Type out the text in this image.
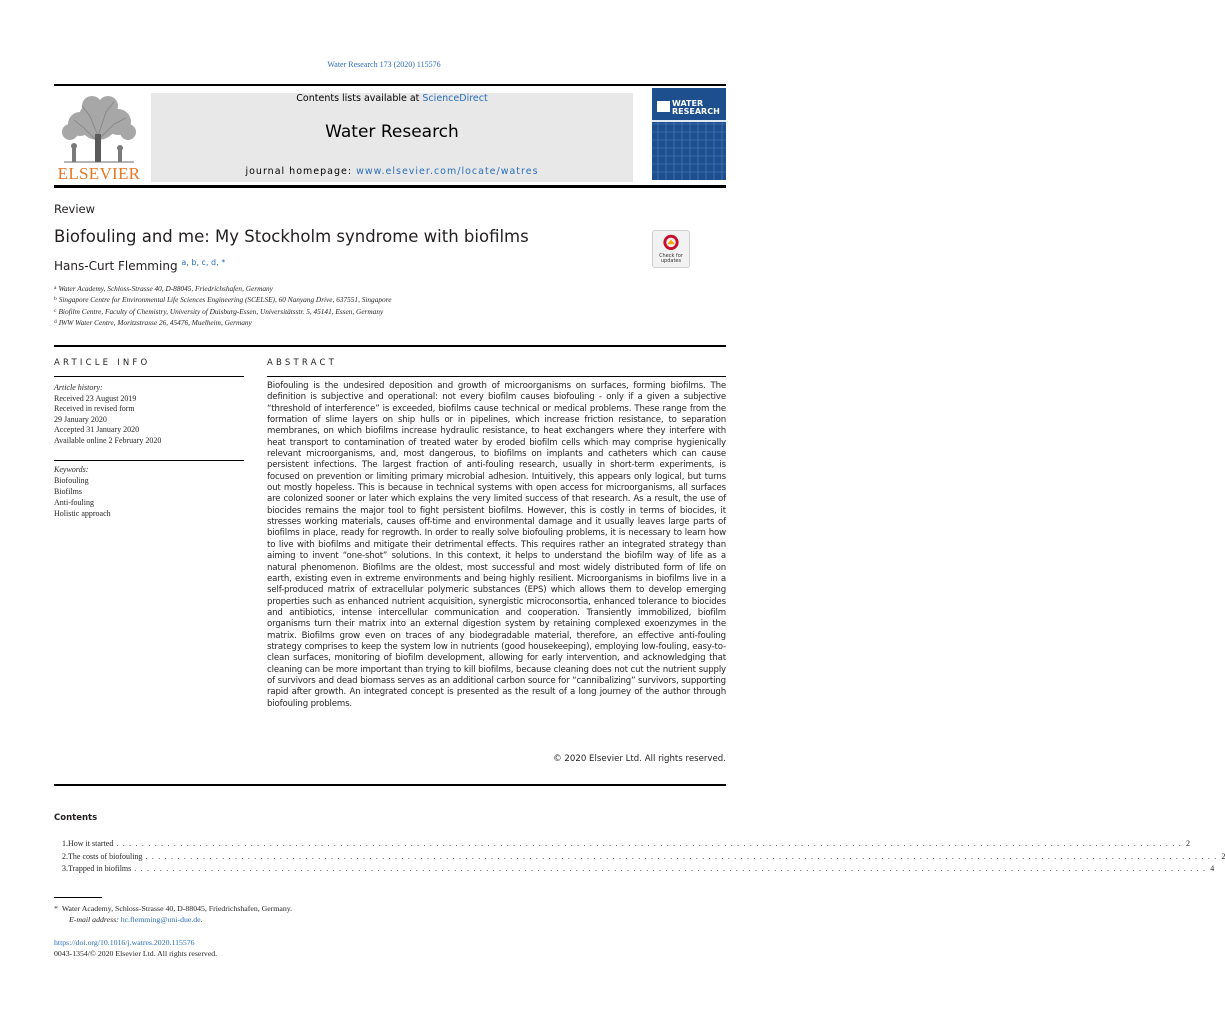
Water Research 173 (2020) 115576
ELSEVIER
Contents lists available at ScienceDirect
Water Research
journal homepage: www.elsevier.com/locate/watres
WATER
RESEARCH
Review
Biofouling and me: My Stockholm syndrome with biofilms
Check for
updates
Hans-Curt Flemming $^{a, b, c, d, *}$
$^a$ Water Academy, Schloss-Strasse 40, D-88045, Friedrichshafen, Germany
$^b$ Singapore Centre for Environmental Life Sciences Engineering (SCELSE), 60 Nanyang Drive, 637551, Singapore
$^c$ Biofilm Centre, Faculty of Chemistry, University of Duisburg-Essen, Universitätsstr. 5, 45141, Essen, Germany
$^d$ IWW Water Centre, Moritzstrasse 26, 45476, Muelheim, Germany
ARTICLE INFO	ABSTRACT
Article history:
Received 23 August 2019
Received in revised form
29 January 2020
Accepted 31 January 2020
Available online 2 February 2020
Keywords:
Biofouling
Biofilms
Anti-fouling
Holistic approach

Biofouling is the undesired deposition and growth of microorganisms on surfaces, forming biofilms. The definition is subjective and operational: not every biofilm causes biofouling - only if a given a subjective “threshold of interference” is exceeded, biofilms cause technical or medical problems. These range from the formation of slime layers on ship hulls or in pipelines, which increase friction resistance, to separation membranes, on which biofilms increase hydraulic resistance, to heat exchangers where they interfere with heat transport to contamination of treated water by eroded biofilm cells which may comprise hygienically relevant microorganisms, and, most dangerous, to biofilms on implants and catheters which can cause persistent infections. The largest fraction of anti-fouling research, usually in short-term experiments, is focused on prevention or limiting primary microbial adhesion. Intuitively, this appears only logical, but turns out mostly hopeless. This is because in technical systems with open access for microorganisms, all surfaces are colonized sooner or later which explains the very limited success of that research. As a result, the use of biocides remains the major tool to fight persistent biofilms. However, this is costly in terms of biocides, it stresses working materials, causes off-time and environmental damage and it usually leaves large parts of biofilms in place, ready for regrowth. In order to really solve biofouling problems, it is necessary to learn how to live with biofilms and mitigate their detrimental effects. This requires rather an integrated strategy than aiming to invent “one-shot” solutions. In this context, it helps to understand the biofilm way of life as a natural phenomenon. Biofilms are the oldest, most successful and most widely distributed form of life on earth, existing even in extreme environments and being highly resilient. Microorganisms in biofilms live in a self-produced matrix of extracellular polymeric substances (EPS) which allows them to develop emerging properties such as enhanced nutrient acquisition, synergistic microconsortia, enhanced tolerance to biocides and antibiotics, intense intercellular communication and cooperation. Transiently immobilized, biofilm organisms turn their matrix into an external digestion system by retaining complexed exoenzymes in the matrix. Biofilms grow even on traces of any biodegradable material, therefore, an effective anti-fouling strategy comprises to keep the system low in nutrients (good housekeeping), employing low-fouling, easy-to-clean surfaces, monitoring of biofilm development, allowing for early intervention, and acknowledging that cleaning can be more important than trying to kill biofilms, because cleaning does not cut the nutrient supply of survivors and dead biomass serves as an additional carbon source for “cannibalizing” survivors, supporting rapid after growth. An integrated concept is presented as the result of a long journey of the author through biofouling problems.

© 2020 Elsevier Ltd. All rights reserved.
Contents
1. How it started . . . . . . . . . . . . . . . . . . . . . . . . . . . . . . . . . . . . . . . . . . . . . . . . . . . . . . . . . . . . . . . . . . . . . . . . . . . . . . . . . . . . . . . . . . . . . . . . . . . . . . . . . . . . . . . . . . . . . . . . . . . . . . . . . . . . . . . . . . . . . . . . . . . . . . . . . . . . . . . . . . . . . . . 2
2. The costs of biofouling . . . . . . . . . . . . . . . . . . . . . . . . . . . . . . . . . . . . . . . . . . . . . . . . . . . . . . . . . . . . . . . . . . . . . . . . . . . . . . . . . . . . . . . . . . . . . . . . . . . . . . . . . . . . . . . . . . . . . . . . . . . . . . . . . . . . . . . . . . . . . . . . . . . . . . . . . . . . . . . . . . . . . . . . 2
3. Trapped in biofilms . . . . . . . . . . . . . . . . . . . . . . . . . . . . . . . . . . . . . . . . . . . . . . . . . . . . . . . . . . . . . . . . . . . . . . . . . . . . . . . . . . . . . . . . . . . . . . . . . . . . . . . . . . . . . . . . . . . . . . . . . . . . . . . . . . . . . . . . . . . . . . . . . . . . . . . . . . . . . . . . . . . . . . . . 4
* Water Academy, Schloss-Strasse 40, D-88045, Friedrichshafen, Germany.
E-mail address: hc.flemming@uni-due.de.
https://doi.org/10.1016/j.watres.2020.115576
0043-1354/© 2020 Elsevier Ltd. All rights reserved.
